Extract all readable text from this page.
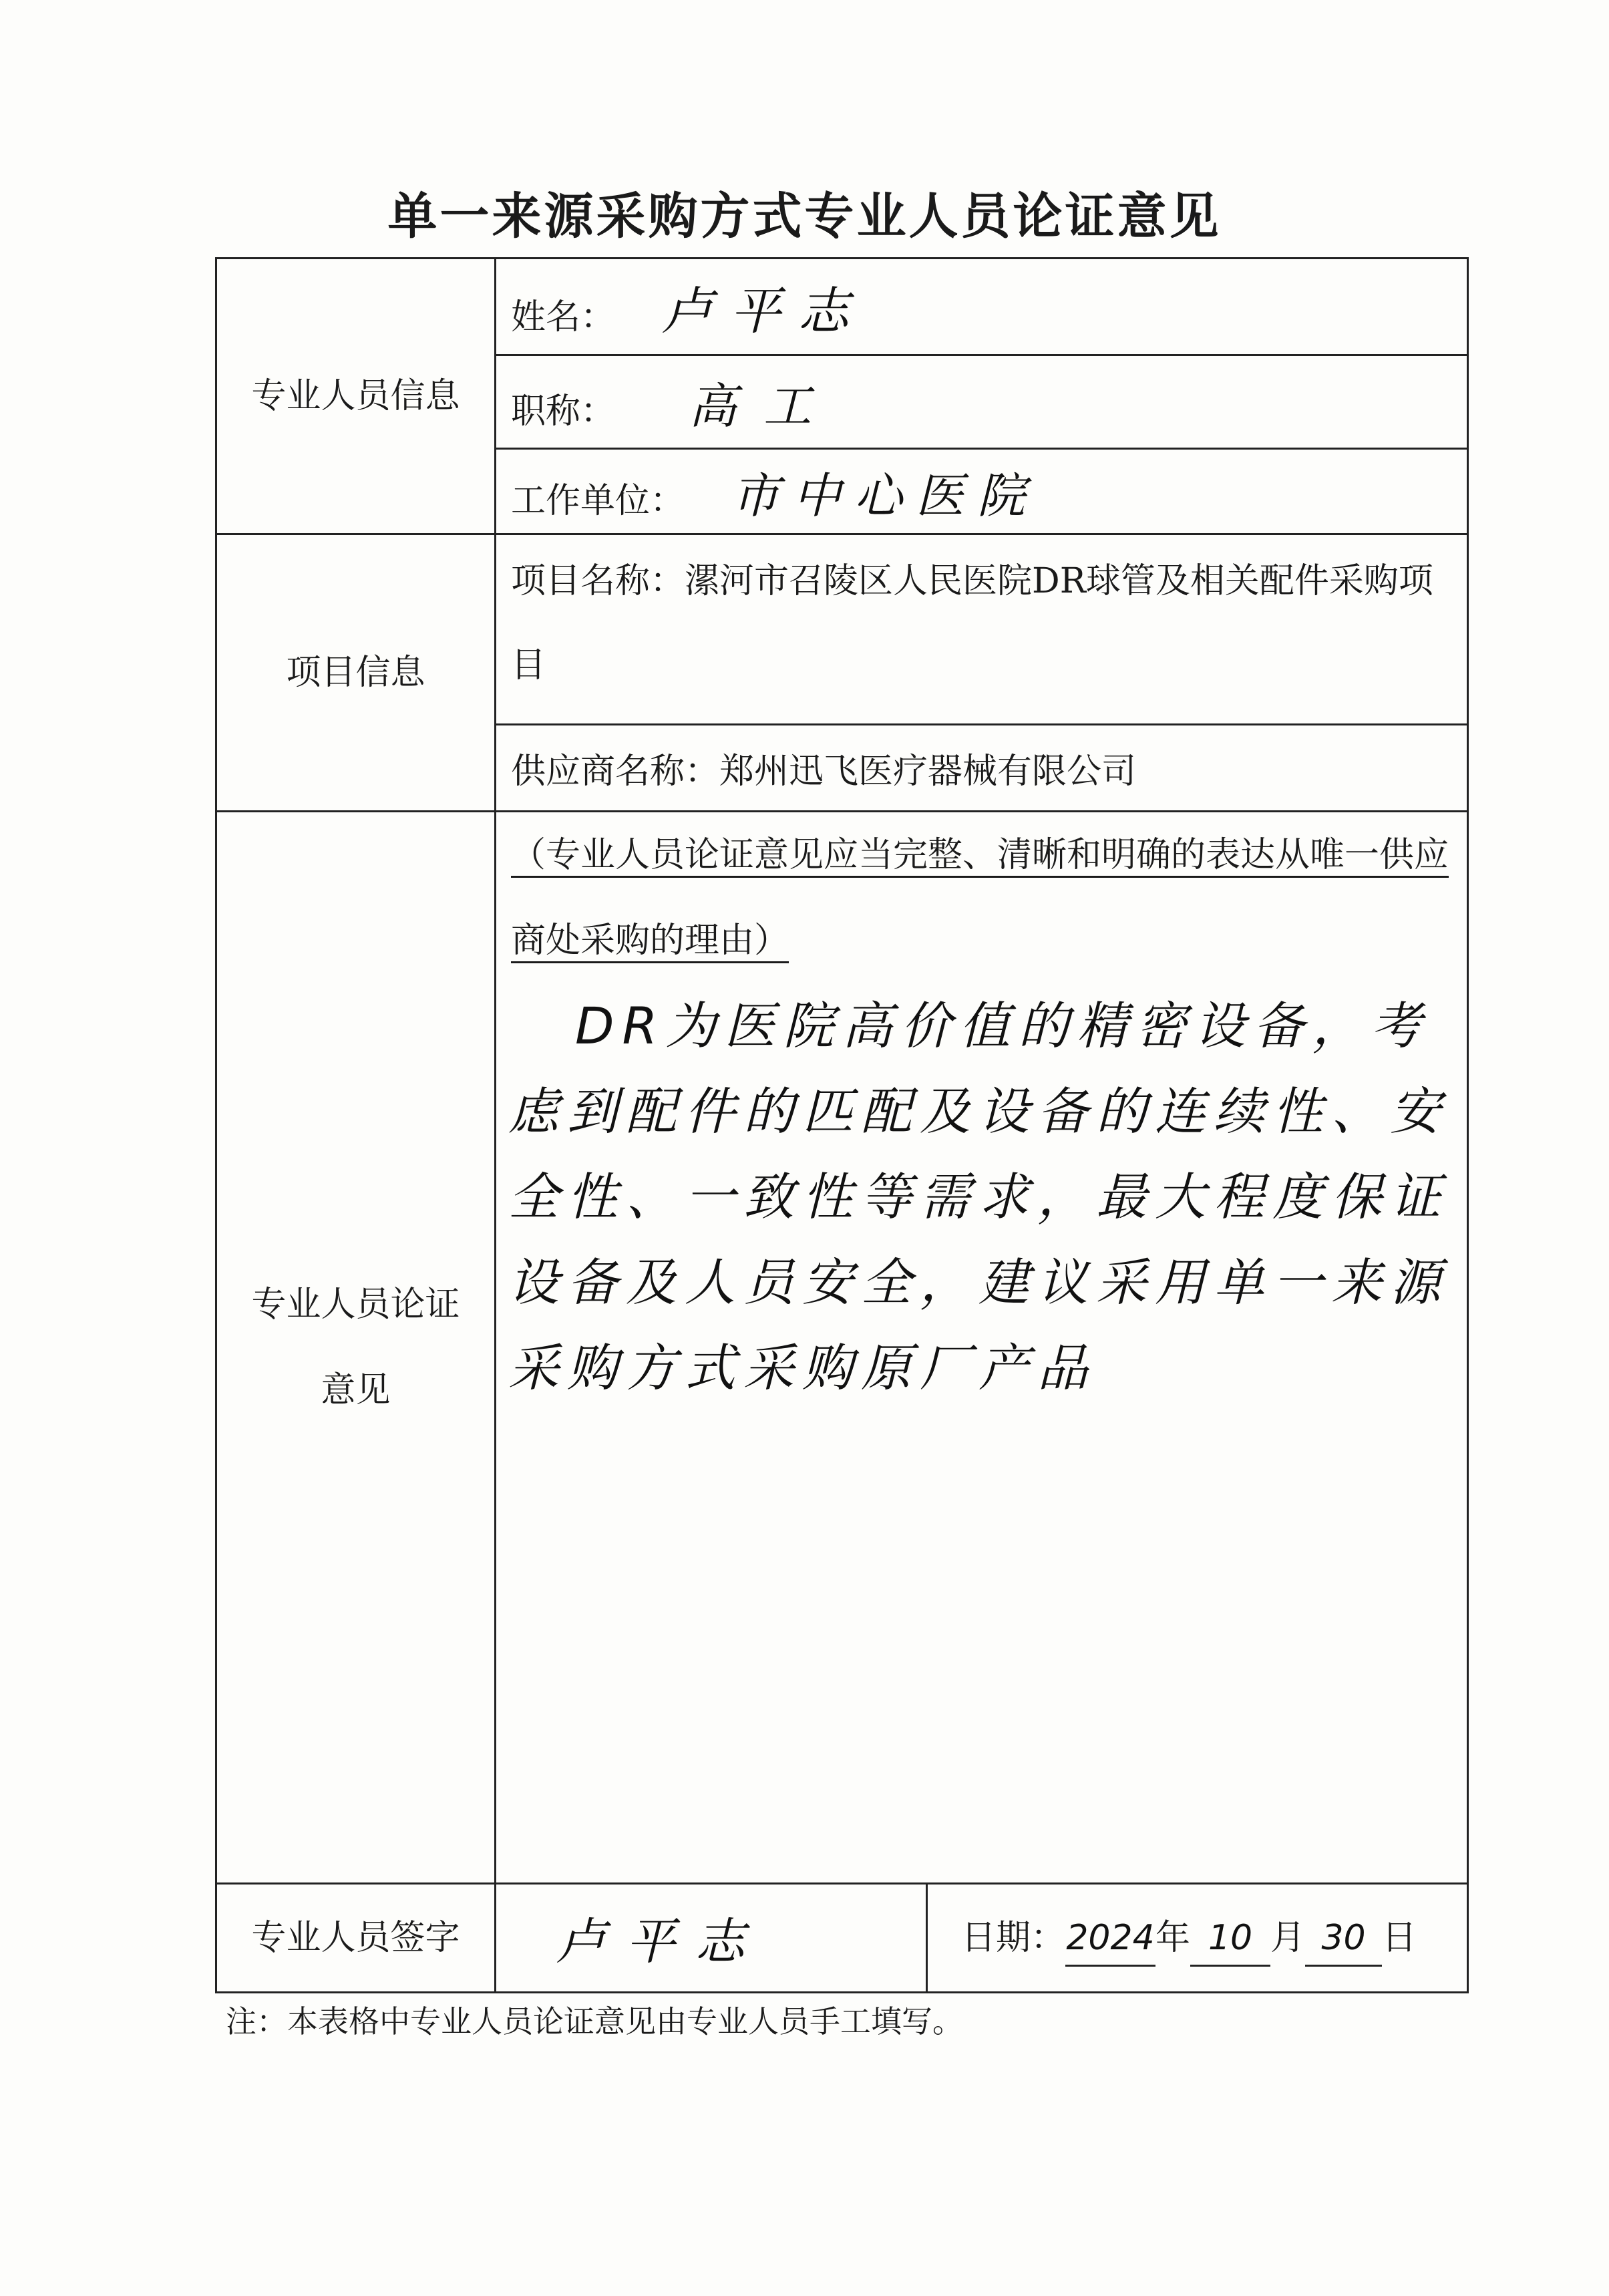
单一来源采购方式专业人员论证意见
专业人员信息	姓名： 卢平志	
	职称： 高工	
	工作单位： 市中心医院	
项目信息	项目名称：漯河市召陵区人民医院DR球管及相关配件采购项目	

	供应商名称：郑州迅飞医疗器械有限公司	
专业人员论证意见	（专业人员论证意见应当完整、清晰和明确的表达从唯一供应商处采购的理由）
DR为医院高价值的精密设备，考虑到配件的匹配及设备的连续性、安全性、一致性等需求，最大程度保证设备及人员安全，建议采用单一来源采购方式采购原厂产品	

专业人员签字	卢平志	日期：2024年 10 月 30 日
注：本表格中专业人员论证意见由专业人员手工填写。
